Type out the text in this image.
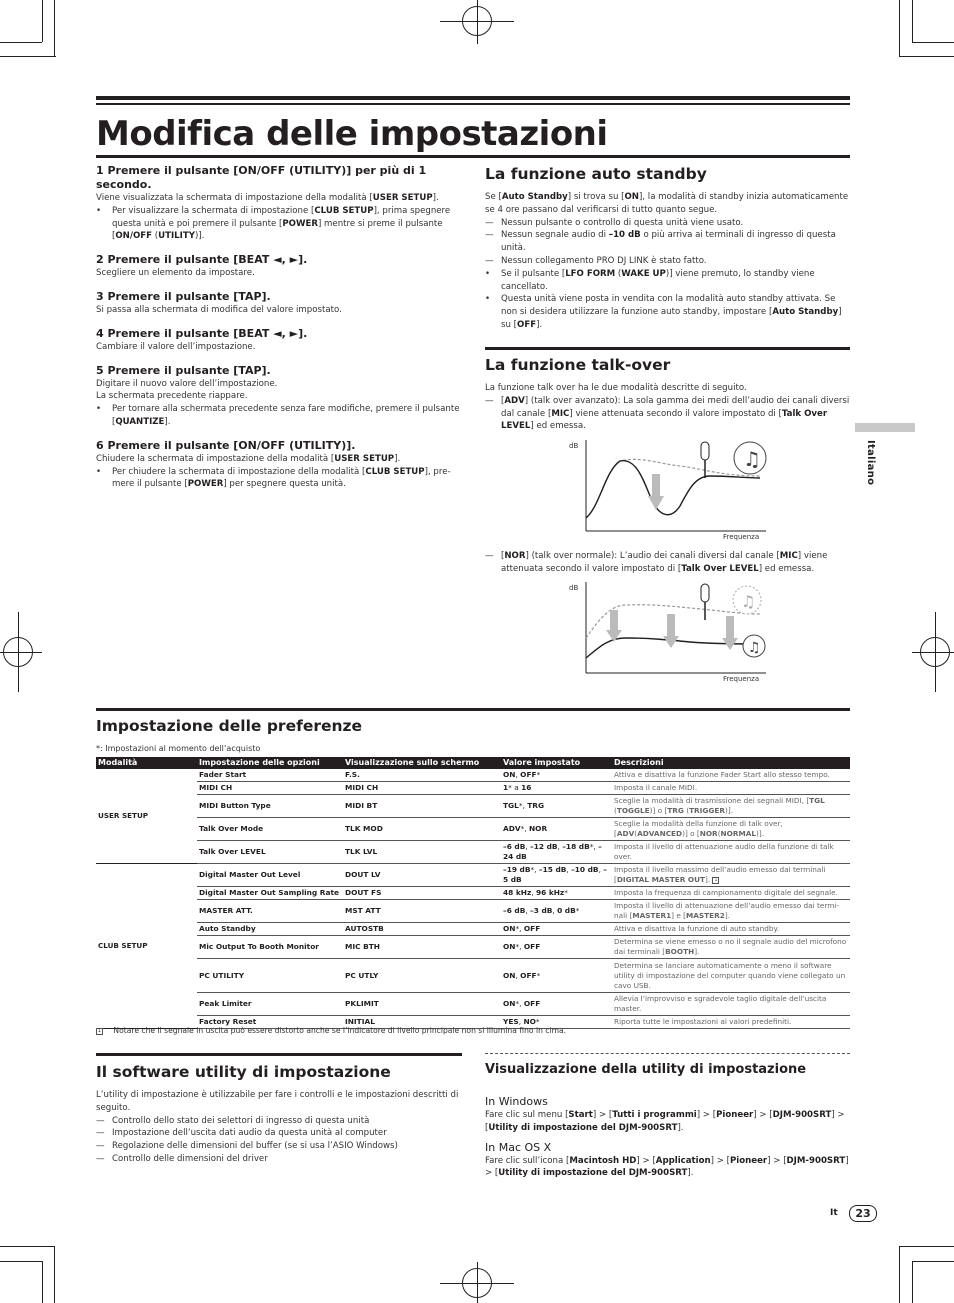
Modifica delle impostazioni
Italiano
1 Premere il pulsante [ON/OFF (UTILITY)] per più di 1 secondo.
Viene visualizzata la schermata di impostazione della modalità [USER SETUP].
•	Per visualizzare la schermata di impostazione [CLUB SETUP], prima spegnere questa unità e poi premere il pulsante [POWER] mentre si preme il pulsante [ON/OFF (UTILITY)].
2 Premere il pulsante [BEAT ◄, ►].
Scegliere un elemento da impostare.
3 Premere il pulsante [TAP].
Si passa alla schermata di modifica del valore impostato.
4 Premere il pulsante [BEAT ◄, ►].
Cambiare il valore dell’impostazione.
5 Premere il pulsante [TAP].
Digitare il nuovo valore dell’impostazione.
La schermata precedente riappare.
•	Per tornare alla schermata precedente senza fare modifiche, premere il pulsante [QUANTIZE].
6 Premere il pulsante [ON/OFF (UTILITY)].
Chiudere la schermata di impostazione della modalità [USER SETUP].
•	Per chiudere la schermata di impostazione della modalità [CLUB SETUP], pre-mere il pulsante [POWER] per spegnere questa unità.
La funzione auto standby
Se [Auto Standby] si trova su [ON], la modalità di standby inizia automaticamente se 4 ore passano dal verificarsi di tutto quanto segue.
— Nessun pulsante o controllo di questa unità viene usato.
— Nessun segnale audio di –10 dB o più arriva ai terminali di ingresso di questa unità.
— Nessun collegamento PRO DJ LINK è stato fatto.
•	Se il pulsante [LFO FORM (WAKE UP)] viene premuto, lo standby viene cancellato.
•	Questa unità viene posta in vendita con la modalità auto standby attivata. Se non si desidera utilizzare la funzione auto standby, impostare [Auto Standby] su [OFF].
La funzione talk-over
La funzione talk over ha le due modalità descritte di seguito.
— [ADV] (talk over avanzato): La sola gamma dei medi dell’audio dei canali diversi dal canale [MIC] viene attenuata secondo il valore impostato di [Talk Over LEVEL] ed emessa.
dB
♫
Frequenza
— [NOR] (talk over normale): L’audio dei canali diversi dal canale [MIC] viene attenuata secondo il valore impostato di [Talk Over LEVEL] ed emessa.
dB
♫
♫
Frequenza
Impostazione delle preferenze
*: Impostazioni al momento dell’acquisto
Modalità	Impostazione delle opzioni	Visualizzazione sullo schermo	Valore impostato	Descrizioni
USER SETUP	Fader Start	F.S.	ON, OFF*	Attiva e disattiva la funzione Fader Start allo stesso tempo.
	MIDI CH	MIDI CH	1* a 16	Imposta il canale MIDI.
	MIDI Button Type	MIDI BT	TGL*, TRG	Sceglie la modalità di trasmissione dei segnali MIDI, [TGL (TOGGLE)] o [TRG (TRIGGER)].
	Talk Over Mode	TLK MOD	ADV*, NOR	Sceglie la modalità della funzione di talk over, [ADV(ADVANCED)] o [NOR(NORMAL)].
	Talk Over LEVEL	TLK LVL	–6 dB, –12 dB, –18 dB*, –24 dB	Imposta il livello di attenuazione audio della funzione di talk over.
CLUB SETUP	Digital Master Out Level	DOUT LV	–19 dB*, –15 dB, –10 dB, –5 dB	Imposta il livello massimo dell’audio emesso dai terminali [DIGITAL MASTER OUT]. 1
	Digital Master Out Sampling Rate	DOUT FS	48 kHz, 96 kHz*	Imposta la frequenza di campionamento digitale del segnale.
	MASTER ATT.	MST ATT	–6 dB, –3 dB, 0 dB*	Imposta il livello di attenuazione dell’audio emesso dai termi-nali [MASTER1] e [MASTER2].
	Auto Standby	AUTOSTB	ON*, OFF	Attiva e disattiva la funzione di auto standby.
	Mic Output To Booth Monitor	MIC BTH	ON*, OFF	Determina se viene emesso o no il segnale audio del microfono dai terminali [BOOTH].
	PC UTILITY	PC UTLY	ON, OFF*	Determina se lanciare automaticamente o meno il software utility di impostazione del computer quando viene collegato un cavo USB.
	Peak Limiter	PKLIMIT	ON*, OFF	Allevia l’improvviso e sgradevole taglio digitale dell’uscita master.
	Factory Reset	INITIAL	YES, NO*	Riporta tutte le impostazioni ai valori predefiniti.
1 Notare che il segnale in uscita può essere distorto anche se l’indicatore di livello principale non si illumina fino in cima.
Il software utility di impostazione
L’utility di impostazione è utilizzabile per fare i controlli e le impostazioni descritti di seguito.
— Controllo dello stato dei selettori di ingresso di questa unità
— Impostazione dell’uscita dati audio da questa unità al computer
— Regolazione delle dimensioni del buffer (se si usa l’ASIO Windows)
— Controllo delle dimensioni del driver
Visualizzazione della utility di impostazione
In Windows
Fare clic sul menu [Start] > [Tutti i programmi] > [Pioneer] > [DJM-900SRT] > [Utility di impostazione del DJM-900SRT].
In Mac OS X
Fare clic sull’icona [Macintosh HD] > [Application] > [Pioneer] > [DJM-900SRT] > [Utility di impostazione del DJM-900SRT].
It	23
